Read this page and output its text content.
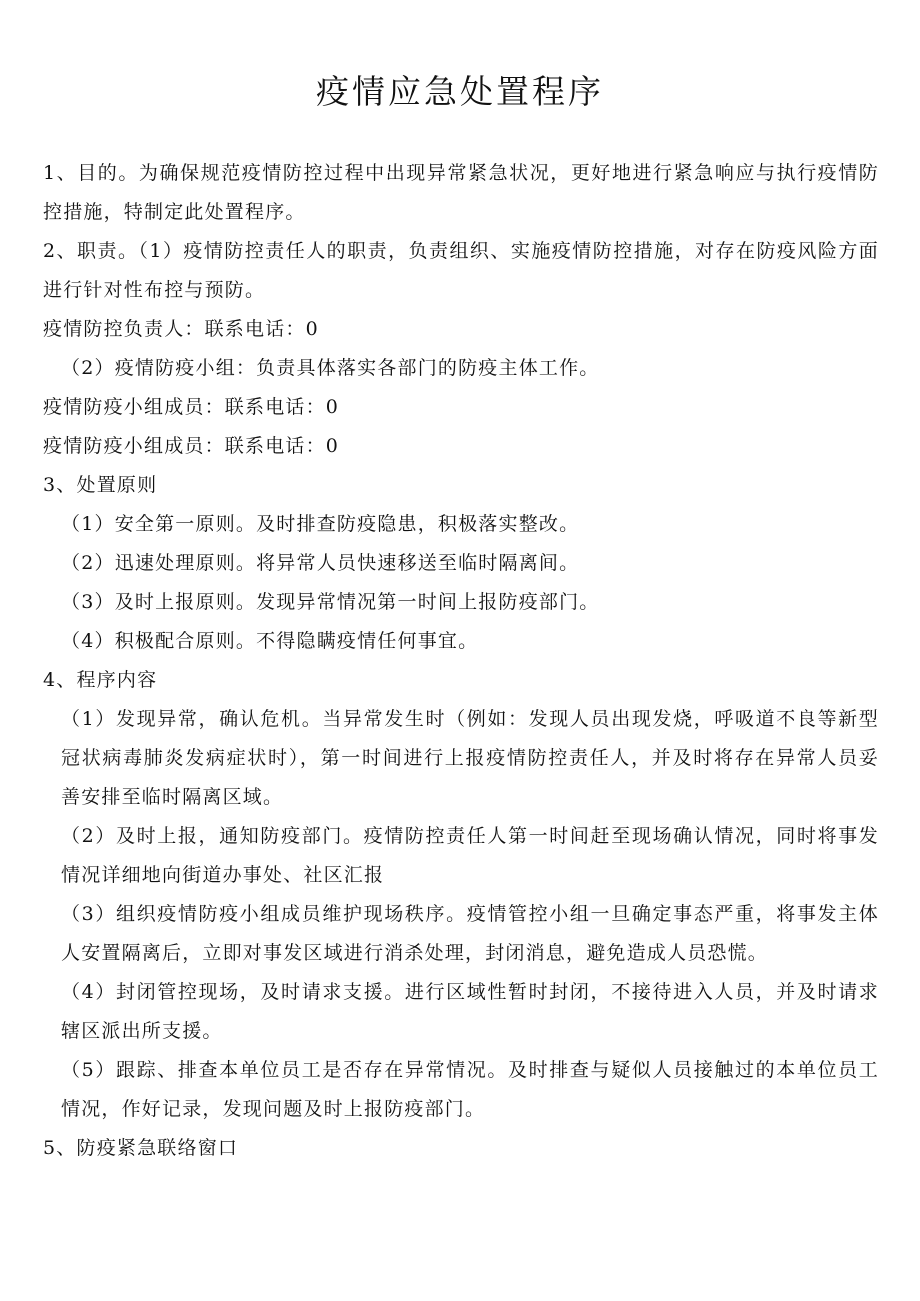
疫情应急处置程序

1、目的。为确保规范疫情防控过程中出现异常紧急状况，更好地进行紧急响应与执行疫情防控措施，特制定此处置程序。

2、职责。（1）疫情防控责任人的职责，负责组织、实施疫情防控措施，对存在防疫风险方面进行针对性布控与预防。

疫情防控负责人：联系电话：0

（2）疫情防疫小组：负责具体落实各部门的防疫主体工作。

疫情防疫小组成员：联系电话：0

疫情防疫小组成员：联系电话：0

3、处置原则

（1）安全第一原则。及时排查防疫隐患，积极落实整改。

（2）迅速处理原则。将异常人员快速移送至临时隔离间。

（3）及时上报原则。发现异常情况第一时间上报防疫部门。

（4）积极配合原则。不得隐瞒疫情任何事宜。

4、程序内容

（1）发现异常，确认危机。当异常发生时（例如：发现人员出现发烧，呼吸道不良等新型冠状病毒肺炎发病症状时），第一时间进行上报疫情防控责任人，并及时将存在异常人员妥善安排至临时隔离区域。

（2）及时上报，通知防疫部门。疫情防控责任人第一时间赶至现场确认情况，同时将事发情况详细地向街道办事处、社区汇报

（3）组织疫情防疫小组成员维护现场秩序。疫情管控小组一旦确定事态严重，将事发主体人安置隔离后，立即对事发区域进行消杀处理，封闭消息，避免造成人员恐慌。

（4）封闭管控现场，及时请求支援。进行区域性暂时封闭，不接待进入人员，并及时请求辖区派出所支援。

（5）跟踪、排查本单位员工是否存在异常情况。及时排查与疑似人员接触过的本单位员工情况，作好记录，发现问题及时上报防疫部门。

5、防疫紧急联络窗口
